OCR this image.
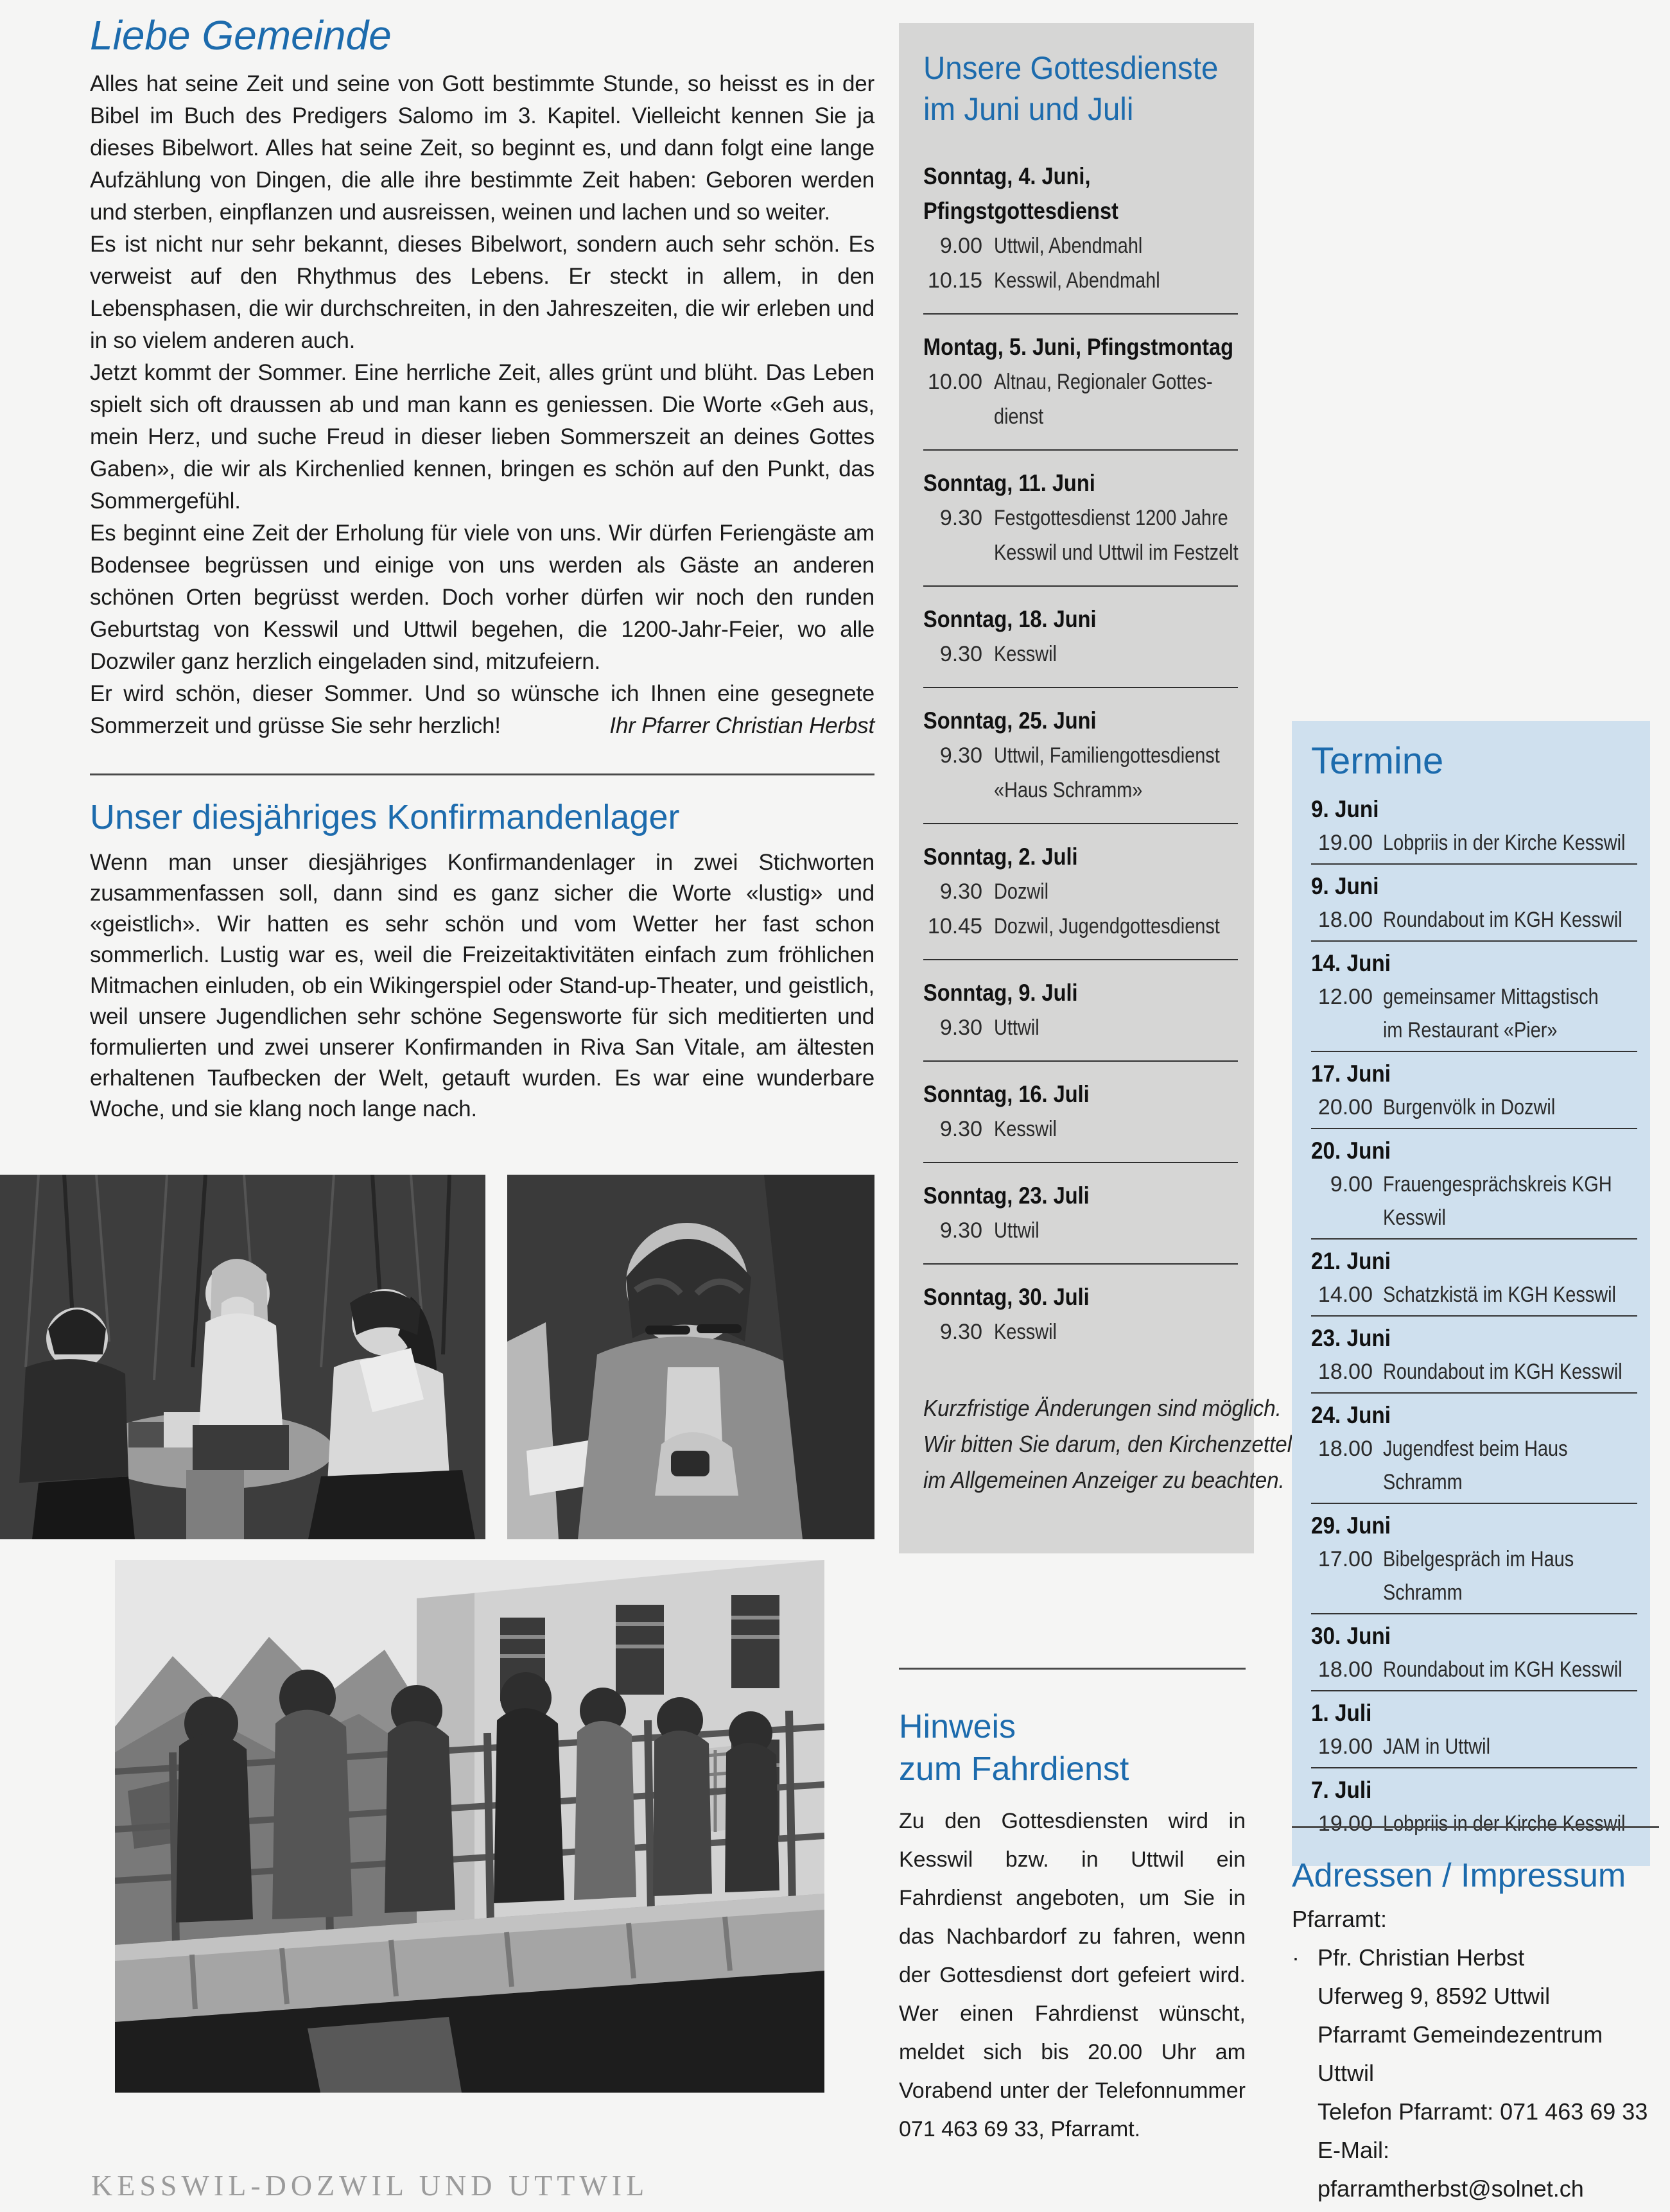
Liebe Gemeinde

Alles hat seine Zeit und seine von Gott bestimmte Stunde, so heisst es in der Bibel im Buch des Predigers Salomo im 3. Kapitel. Vielleicht kennen Sie ja dieses Bibelwort. Alles hat seine Zeit, so beginnt es, und dann folgt eine lange Aufzählung von Dingen, die alle ihre bestimmte Zeit haben: Geboren werden und sterben, einpflanzen und ausreissen, weinen und lachen und so weiter.

Es ist nicht nur sehr bekannt, dieses Bibelwort, sondern auch sehr schön. Es verweist auf den Rhythmus des Lebens. Er steckt in allem, in den Lebensphasen, die wir durchschreiten, in den Jahreszeiten, die wir erleben und in so vielem anderen auch.

Jetzt kommt der Sommer. Eine herrliche Zeit, alles grünt und blüht. Das Leben spielt sich oft draussen ab und man kann es geniessen. Die Worte «Geh aus, mein Herz, und suche Freud in dieser lieben Sommerszeit an deines Gottes Gaben», die wir als Kirchenlied kennen, bringen es schön auf den Punkt, das Sommergefühl.

Es beginnt eine Zeit der Erholung für viele von uns. Wir dürfen Feriengäste am Bodensee begrüssen und einige von uns werden als Gäste an anderen schönen Orten begrüsst werden. Doch vorher dürfen wir noch den runden Geburtstag von Kesswil und Uttwil begehen, die 1200-Jahr-Feier, wo alle Dozwiler ganz herzlich eingeladen sind, mitzufeiern.

Er wird schön, dieser Sommer. Und so wünsche ich Ihnen eine gesegnete Sommerzeit und grüsse Sie sehr herzlich!	Ihr Pfarrer Christian Herbst

Unser diesjähriges Konfirmandenlager

Wenn man unser diesjähriges Konfirmandenlager in zwei Stichworten zusammenfassen soll, dann sind es ganz sicher die Worte «lustig» und «geistlich». Wir hatten es sehr schön und vom Wetter her fast schon sommerlich. Lustig war es, weil die Freizeitaktivitäten einfach zum fröhlichen Mitmachen einluden, ob ein Wikingerspiel oder Stand-up-Theater, und geistlich, weil unsere Jugendlichen sehr schöne Segensworte für sich meditierten und formulierten und zwei unserer Konfirmanden in Riva San Vitale, am ältesten erhaltenen Taufbecken der Welt, getauft wurden. Es war eine wunderbare Woche, und sie klang noch lange nach.

Unsere Gottesdienste
im Juni und Juli
Sonntag, 4. Juni,
Pfingstgottesdienst
9.00 Uttwil, Abendmahl
10.15 Kesswil, Abendmahl
Montag, 5. Juni, Pfingstmontag
10.00 Altnau, Regionaler Gottes-
dienst
Sonntag, 11. Juni
9.30 Festgottesdienst 1200 Jahre
Kesswil und Uttwil im Festzelt
Sonntag, 18. Juni
9.30 Kesswil
Sonntag, 25. Juni
9.30 Uttwil, Familiengottesdienst
«Haus Schramm»
Sonntag, 2. Juli
9.30 Dozwil
10.45 Dozwil, Jugendgottesdienst
Sonntag, 9. Juli
9.30 Uttwil
Sonntag, 16. Juli
9.30 Kesswil
Sonntag, 23. Juli
9.30 Uttwil
Sonntag, 30. Juli
9.30 Kesswil
Kurzfristige Änderungen sind möglich.
Wir bitten Sie darum, den Kirchenzettel
im Allgemeinen Anzeiger zu beachten.
Hinweis
zum Fahrdienst

Zu den Gottesdiensten wird in Kesswil bzw. in Uttwil ein Fahrdienst angeboten, um Sie in das Nachbardorf zu fahren, wenn der Gottesdienst dort gefeiert wird. Wer einen Fahrdienst wünscht, meldet sich bis 20.00 Uhr am Vorabend unter der Telefonnummer 071 463 69 33, Pfarramt.

Termine
9. Juni
19.00 Lobpriis in der Kirche Kesswil
9. Juni
18.00 Roundabout im KGH Kesswil
14. Juni
12.00 gemeinsamer Mittagstisch
im Restaurant «Pier»
17. Juni
20.00 Burgenvölk in Dozwil
20. Juni
9.00 Frauengesprächskreis KGH
Kesswil
21. Juni
14.00 Schatzkistä im KGH Kesswil
23. Juni
18.00 Roundabout im KGH Kesswil
24. Juni
18.00 Jugendfest beim Haus
Schramm
29. Juni
17.00 Bibelgespräch im Haus
Schramm
30. Juni
18.00 Roundabout im KGH Kesswil
1. Juli
19.00 JAM in Uttwil
7. Juli
19.00 Lobpriis in der Kirche Kesswil
Adressen / Impressum
Pfarramt:
· Pfr. Christian Herbst
Uferweg 9, 8592 Uttwil
Pfarramt Gemeindezentrum Uttwil
Telefon Pfarramt: 071 463 69 33
E-Mail: pfarramtherbst@solnet.ch
KESSWIL-DOZWIL UND UTTWIL
